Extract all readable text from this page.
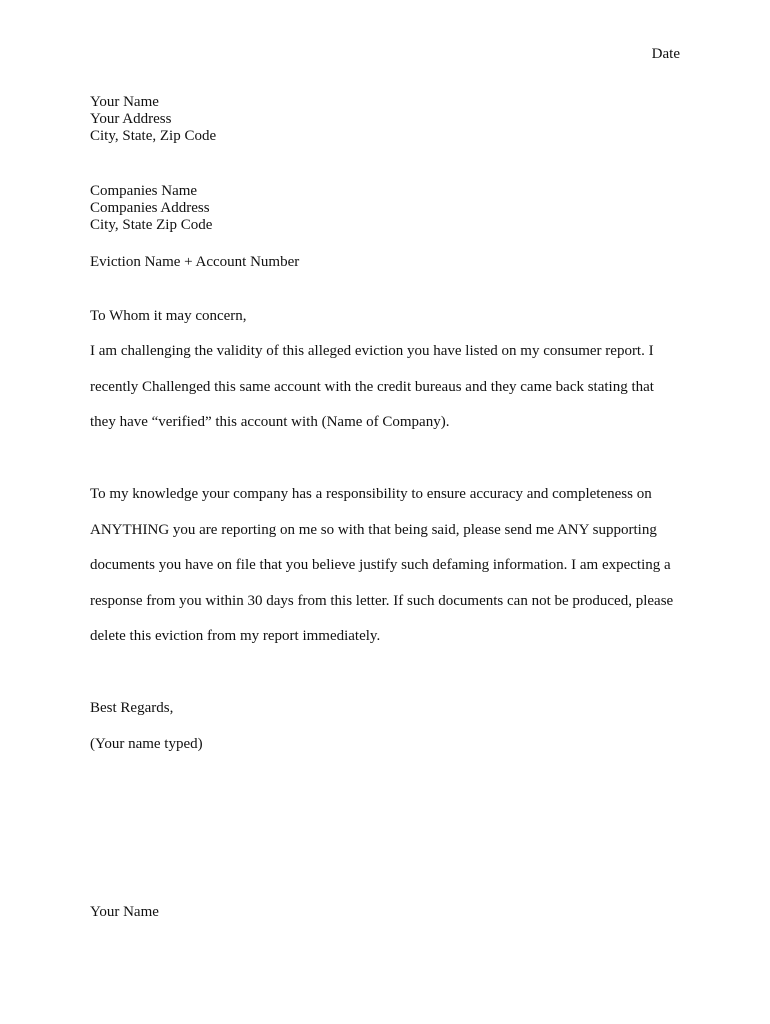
Date
Your Name
Your Address
City, State, Zip Code
Companies Name
Companies Address
City, State Zip Code
Eviction Name + Account Number
To Whom it may concern,
I am challenging the validity of this alleged eviction you have listed on my consumer report. I
recently Challenged this same account with the credit bureaus and they came back stating that
they have “verified” this account with (Name of Company).
To my knowledge your company has a responsibility to ensure accuracy and completeness on
ANYTHING you are reporting on me so with that being said, please send me ANY supporting
documents you have on file that you believe justify such defaming information. I am expecting a
response from you within 30 days from this letter. If such documents can not be produced, please
delete this eviction from my report immediately.
Best Regards,
(Your name typed)
Your Name
